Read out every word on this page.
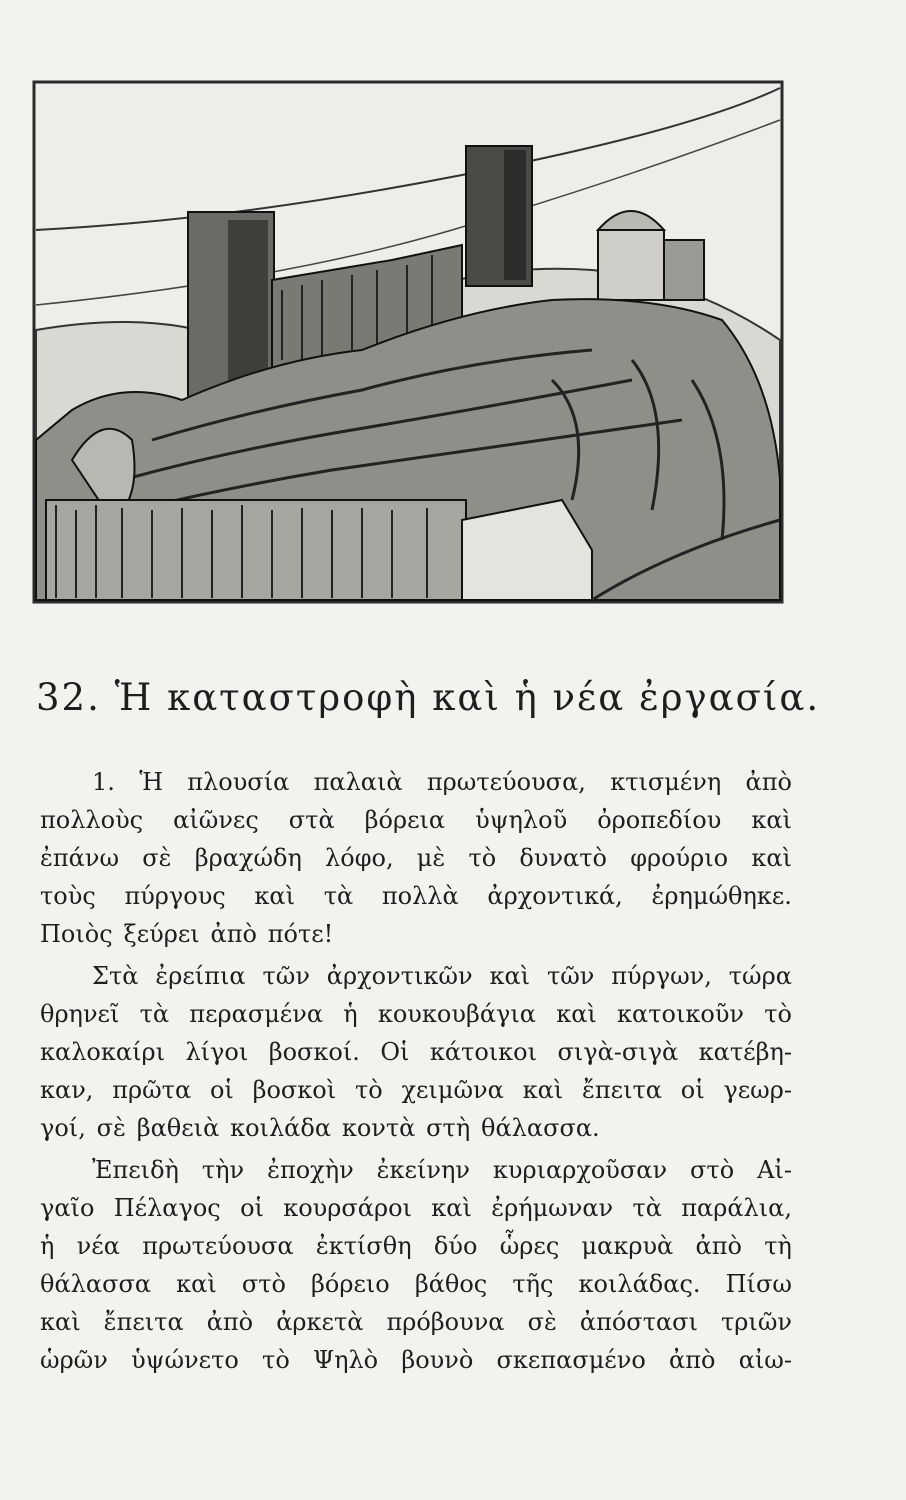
32. Ἡ καταστροφὴ καὶ ἡ νέα ἐργασία.
1. Ἡ πλουσία παλαιὰ πρωτεύουσα, κτισμένη ἀπὸ
πολλοὺς αἰῶνες στὰ βόρεια ὑψηλοῦ ὀροπεδίου καὶ
ἐπάνω σὲ βραχώδη λόφο, μὲ τὸ δυνατὸ φρούριο καὶ
τοὺς πύργους καὶ τὰ πολλὰ ἀρχοντικά, ἐρημώθηκε.
Ποιὸς ξεύρει ἀπὸ πότε!
Στὰ ἐρείπια τῶν ἀρχοντικῶν καὶ τῶν πύργων, τώρα
θρηνεῖ τὰ περασμένα ἡ κουκουβάγια καὶ κατοικοῦν τὸ
καλοκαίρι λίγοι βοσκοί. Οἱ κάτοικοι σιγὰ-σιγὰ κατέβη-
καν, πρῶτα οἱ βοσκοὶ τὸ χειμῶνα καὶ ἔπειτα οἱ γεωρ-
γοί, σὲ βαθειὰ κοιλάδα κοντὰ στὴ θάλασσα.
Ἐπειδὴ τὴν ἐποχὴν ἐκείνην κυριαρχοῦσαν στὸ Αἰ-
γαῖο Πέλαγος οἱ κουρσάροι καὶ ἐρήμωναν τὰ παράλια,
ἡ νέα πρωτεύουσα ἐκτίσθη δύο ὧρες μακρυὰ ἀπὸ τὴ
θάλασσα καὶ στὸ βόρειο βάθος τῆς κοιλάδας. Πίσω
καὶ ἔπειτα ἀπὸ ἀρκετὰ πρόβουνα σὲ ἀπόστασι τριῶν
ὡρῶν ὑψώνετο τὸ Ψηλὸ βουνὸ σκεπασμένο ἀπὸ αἰω-
